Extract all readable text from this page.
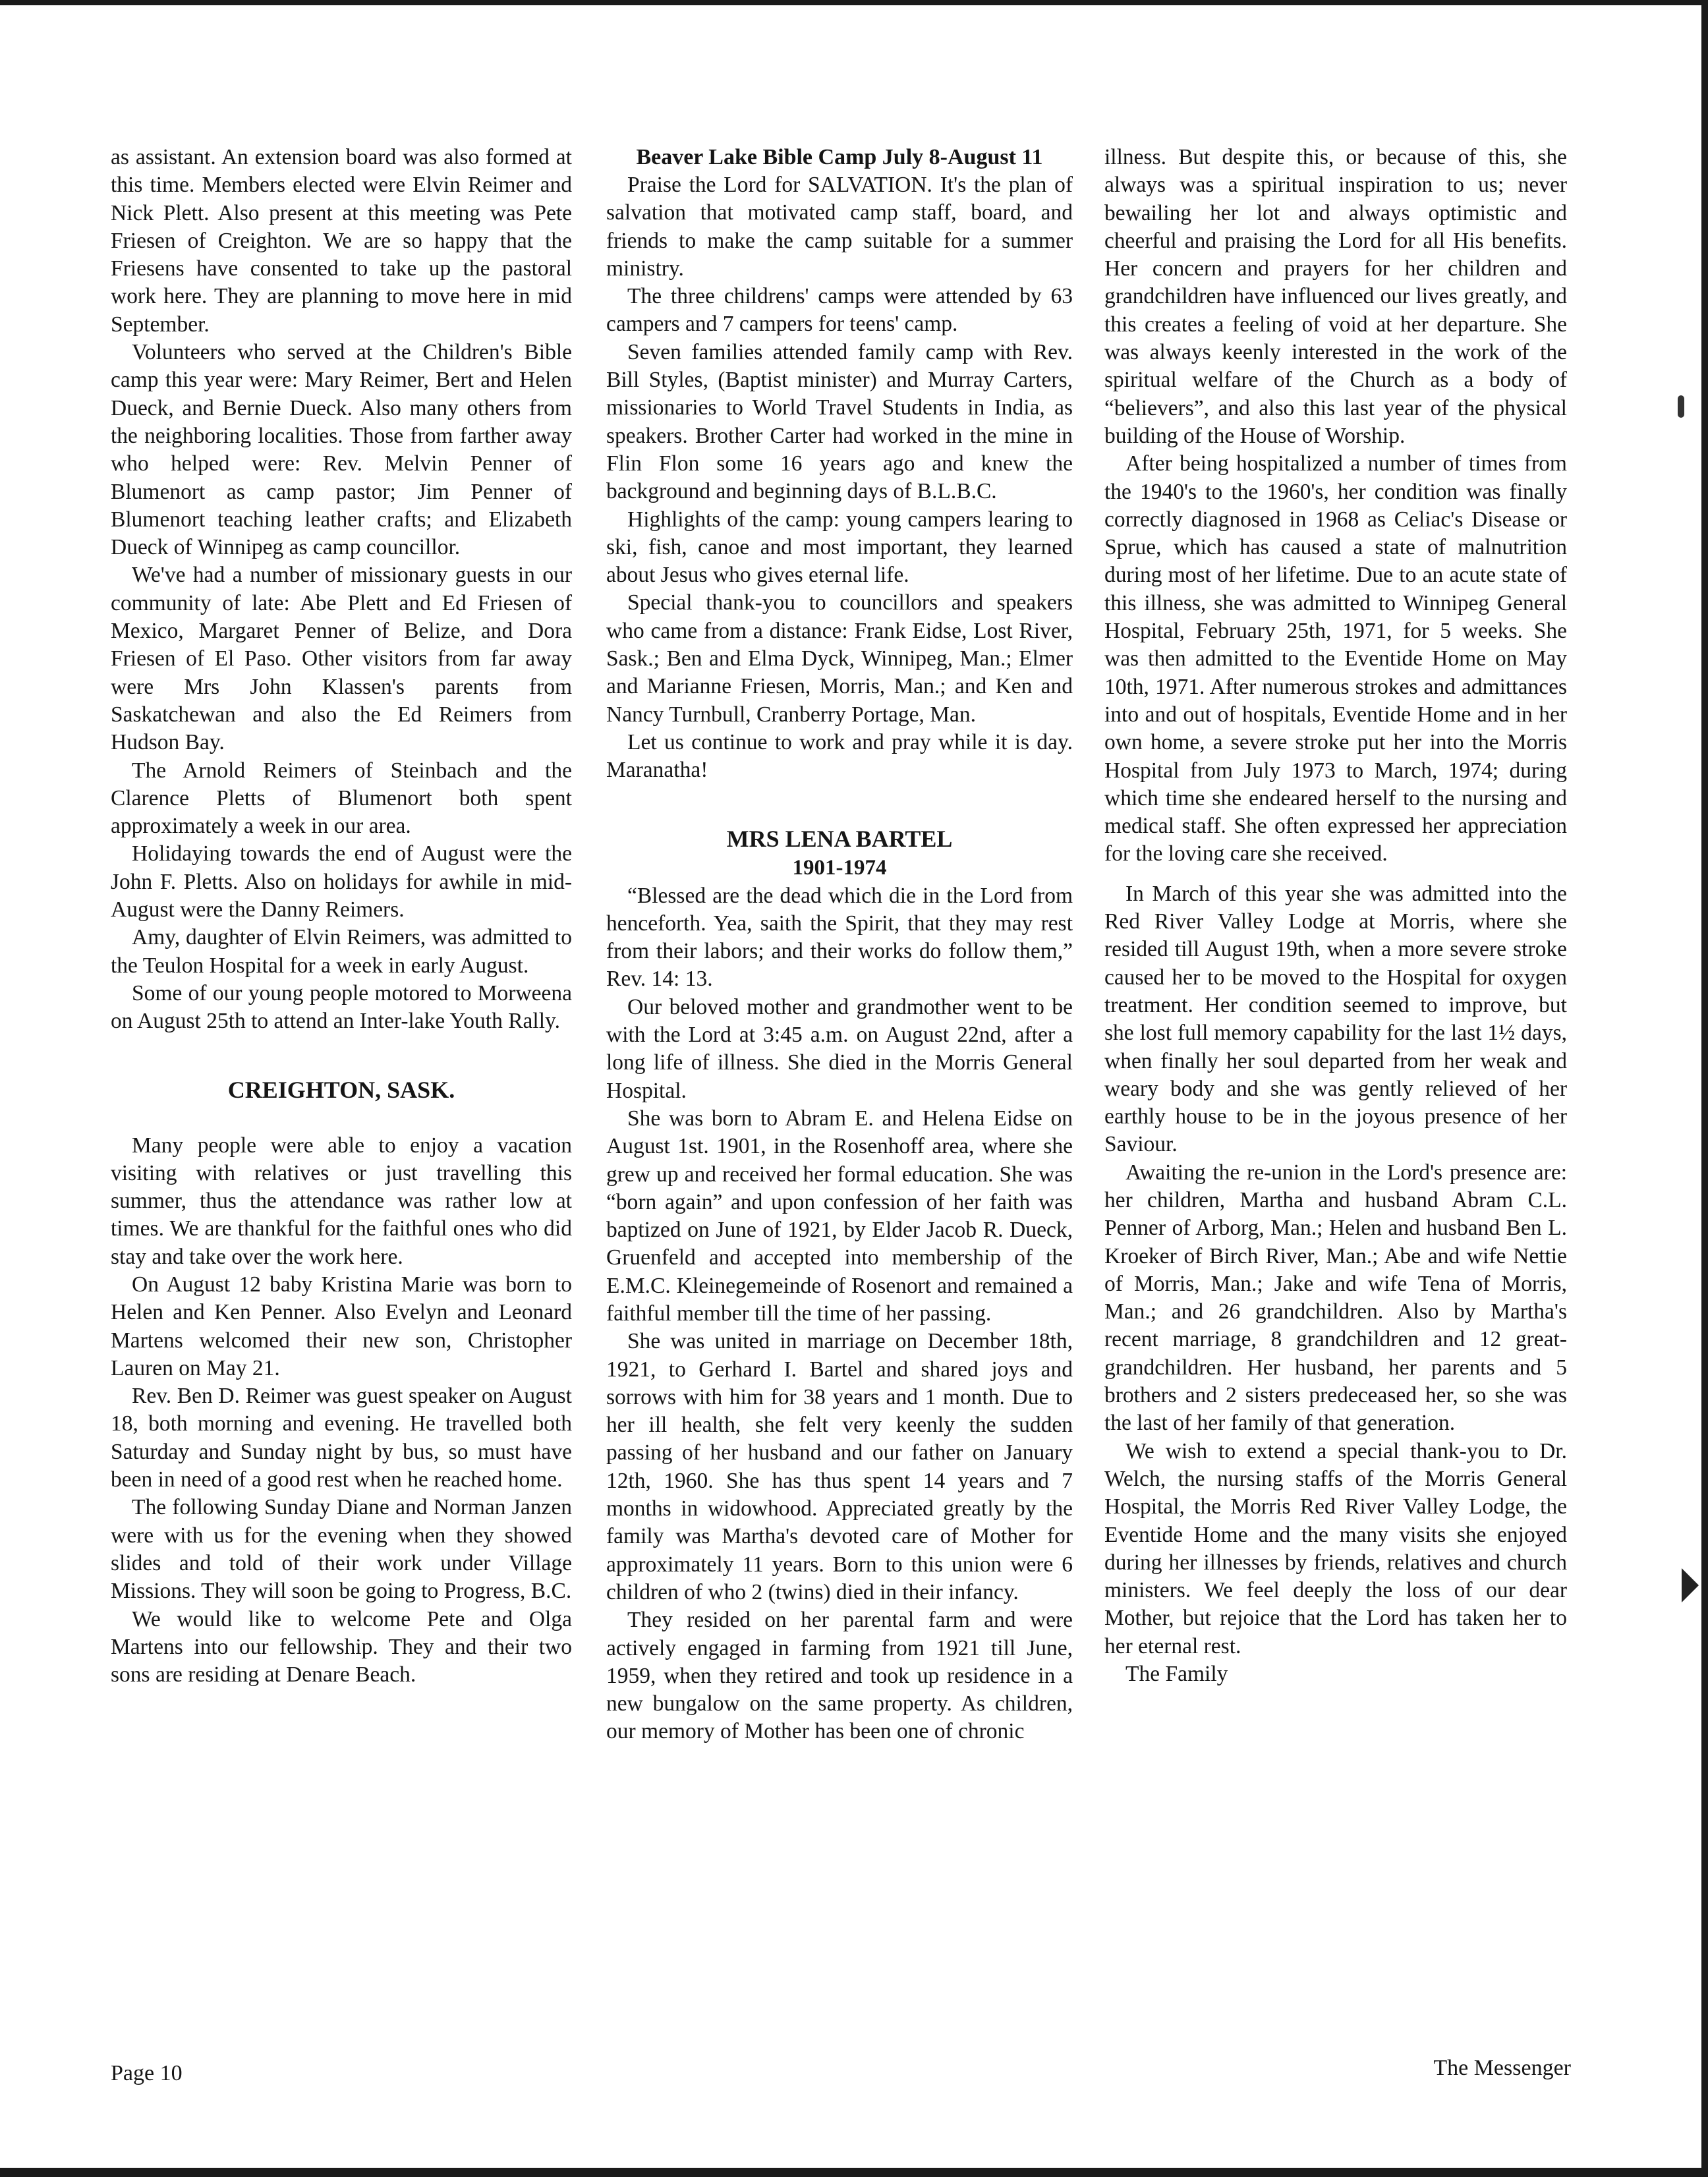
as assistant. An extension board was also formed at this time. Members elected were Elvin Reimer and Nick Plett. Also present at this meeting was Pete Friesen of Creighton. We are so happy that the Friesens have consented to take up the pastoral work here. They are planning to move here in mid September.

Volunteers who served at the Children's Bible camp this year were: Mary Reimer, Bert and Helen Dueck, and Bernie Dueck. Also many others from the neighboring localities. Those from farther away who helped were: Rev. Melvin Penner of Blumenort as camp pastor; Jim Penner of Blumenort teaching leather crafts; and Elizabeth Dueck of Winnipeg as camp councillor.

We've had a number of missionary guests in our community of late: Abe Plett and Ed Friesen of Mexico, Margaret Penner of Belize, and Dora Friesen of El Paso. Other visitors from far away were Mrs John Klassen's parents from Saskatchewan and also the Ed Reimers from Hudson Bay.

The Arnold Reimers of Steinbach and the Clarence Pletts of Blumenort both spent approximately a week in our area.

Holidaying towards the end of August were the John F. Pletts. Also on holidays for awhile in mid-August were the Danny Reimers.

Amy, daughter of Elvin Reimers, was admitted to the Teulon Hospital for a week in early August.

Some of our young people motored to Morweena on August 25th to attend an Inter-lake Youth Rally.

CREIGHTON, SASK.

Many people were able to enjoy a vacation visiting with relatives or just travelling this summer, thus the attendance was rather low at times. We are thankful for the faithful ones who did stay and take over the work here.

On August 12 baby Kristina Marie was born to Helen and Ken Penner. Also Evelyn and Leonard Martens welcomed their new son, Christopher Lauren on May 21.

Rev. Ben D. Reimer was guest speaker on August 18, both morning and evening. He travelled both Saturday and Sunday night by bus, so must have been in need of a good rest when he reached home.

The following Sunday Diane and Norman Janzen were with us for the evening when they showed slides and told of their work under Village Missions. They will soon be going to Progress, B.C.

We would like to welcome Pete and Olga Martens into our fellowship. They and their two sons are residing at Denare Beach.

Beaver Lake Bible Camp July 8-August 11

Praise the Lord for SALVATION. It's the plan of salvation that motivated camp staff, board, and friends to make the camp suitable for a summer ministry.

The three childrens' camps were attended by 63 campers and 7 campers for teens' camp.

Seven families attended family camp with Rev. Bill Styles, (Baptist minister) and Murray Carters, missionaries to World Travel Students in India, as speakers. Brother Carter had worked in the mine in Flin Flon some 16 years ago and knew the background and beginning days of B.L.B.C.

Highlights of the camp: young campers learing to ski, fish, canoe and most important, they learned about Jesus who gives eternal life.

Special thank-you to councillors and speakers who came from a distance: Frank Eidse, Lost River, Sask.; Ben and Elma Dyck, Winnipeg, Man.; Elmer and Marianne Friesen, Morris, Man.; and Ken and Nancy Turnbull, Cranberry Portage, Man.

Let us continue to work and pray while it is day. Maranatha!

MRS LENA BARTEL
1901-1974

“Blessed are the dead which die in the Lord from henceforth. Yea, saith the Spirit, that they may rest from their labors; and their works do follow them,” Rev. 14: 13.

Our beloved mother and grandmother went to be with the Lord at 3:45 a.m. on August 22nd, after a long life of illness. She died in the Morris General Hospital.

She was born to Abram E. and Helena Eidse on August 1st. 1901, in the Rosenhoff area, where she grew up and received her formal education. She was “born again” and upon confession of her faith was baptized on June of 1921, by Elder Jacob R. Dueck, Gruenfeld and accepted into membership of the E.M.C. Kleinegemeinde of Rosenort and remained a faithful member till the time of her passing.

She was united in marriage on December 18th, 1921, to Gerhard I. Bartel and shared joys and sorrows with him for 38 years and 1 month. Due to her ill health, she felt very keenly the sudden passing of her husband and our father on January 12th, 1960. She has thus spent 14 years and 7 months in widowhood. Appreciated greatly by the family was Martha's devoted care of Mother for approximately 11 years. Born to this union were 6 children of who 2 (twins) died in their infancy.

They resided on her parental farm and were actively engaged in farming from 1921 till June, 1959, when they retired and took up residence in a new bungalow on the same property. As children, our memory of Mother has been one of chronic

illness. But despite this, or because of this, she always was a spiritual inspiration to us; never bewailing her lot and always optimistic and cheerful and praising the Lord for all His benefits. Her concern and prayers for her children and grandchildren have influenced our lives greatly, and this creates a feeling of void at her departure. She was always keenly interested in the work of the spiritual welfare of the Church as a body of “believers”, and also this last year of the physical building of the House of Worship.

After being hospitalized a number of times from the 1940's to the 1960's, her condition was finally correctly diagnosed in 1968 as Celiac's Disease or Sprue, which has caused a state of malnutrition during most of her lifetime. Due to an acute state of this illness, she was admitted to Winnipeg General Hospital, February 25th, 1971, for 5 weeks. She was then admitted to the Eventide Home on May 10th, 1971. After numerous strokes and admittances into and out of hospitals, Eventide Home and in her own home, a severe stroke put her into the Morris Hospital from July 1973 to March, 1974; during which time she endeared herself to the nursing and medical staff. She often expressed her appreciation for the loving care she received.

In March of this year she was admitted into the Red River Valley Lodge at Morris, where she resided till August 19th, when a more severe stroke caused her to be moved to the Hospital for oxygen treatment. Her condition seemed to improve, but she lost full memory capability for the last 1½ days, when finally her soul departed from her weak and weary body and she was gently relieved of her earthly house to be in the joyous presence of her Saviour.

Awaiting the re-union in the Lord's presence are: her children, Martha and husband Abram C.L. Penner of Arborg, Man.; Helen and husband Ben L. Kroeker of Birch River, Man.; Abe and wife Nettie of Morris, Man.; Jake and wife Tena of Morris, Man.; and 26 grandchildren. Also by Martha's recent marriage, 8 grandchildren and 12 great-grandchildren. Her husband, her parents and 5 brothers and 2 sisters predeceased her, so she was the last of her family of that generation.

We wish to extend a special thank-you to Dr. Welch, the nursing staffs of the Morris General Hospital, the Morris Red River Valley Lodge, the Eventide Home and the many visits she enjoyed during her illnesses by friends, relatives and church ministers. We feel deeply the loss of our dear Mother, but rejoice that the Lord has taken her to her eternal rest.

The Family

Page 10	The Messenger
